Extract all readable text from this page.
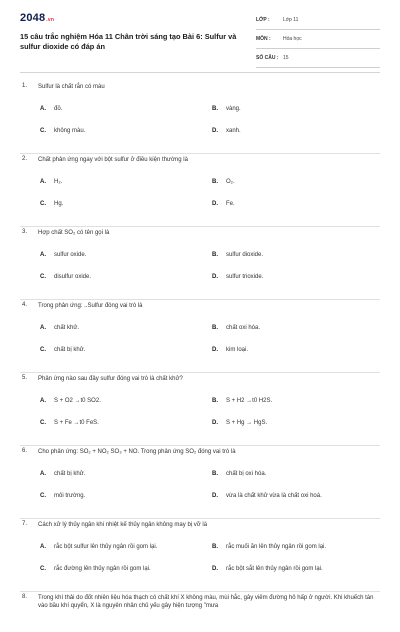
2048.vn
15 câu trắc nghiệm Hóa 11 Chân trời sáng tạo Bài 6: Sulfur và sulfur dioxide có đáp án
LỚP :	Lớp 11
MÔN : Hóa học
SỐ CÂU : 15
1. Sulfur là chất rắn có màu
A. đỏ.	B. vàng.
C. không màu.	D. xanh.
2. Chất phản ứng ngay với bột sulfur ở điều kiện thường là
A. H₂.	B. O₂.
C. Hg.	D. Fe.
3. Hợp chất SO₂ có tên gọi là
A. sulfur oxide.	B. sulfur dioxide.
C. disulfur oxide.	D. sulfur trioxide.
4. Trong phản ứng: ..Sulfur đóng vai trò là
A. chất khử.	B. chất oxi hóa.
C. chất bị khử.	D. kim loại.
5. Phản ứng nào sau đây sulfur đóng vai trò là chất khử?
A. S + O2 →t0 SO2.	B. S + H2 →t0 H2S.
C. S + Fe →t0 FeS.	D. S + Hg → HgS.
6. Cho phản ứng: SO₂ + NO₂ SO₃ + NO. Trong phản ứng SO₂ đóng vai trò là
A. chất bị khử.	B. chất bị oxi hóa.
C. môi trường.	D. vừa là chất khử vừa là chất oxi hoá.
7. Cách xử lý thủy ngân khi nhiệt kế thủy ngân không may bị vỡ là
A. rắc bột sulfur lên thủy ngân rồi gom lại.	B. rắc muối ăn lên thủy ngân rồi gom lại.
C. rắc đường lên thủy ngân rồi gom lại.	D. rắc bột sắt lên thủy ngân rồi gom lại.
8. Trong khí thải do đốt nhiên liệu hóa thạch có chất khí X không màu, mùi hắc, gây viêm đường hô hấp ở người. Khi khuếch tán vào bầu khí quyển, X là nguyên nhân chủ yếu gây hiện tượng "mưa
